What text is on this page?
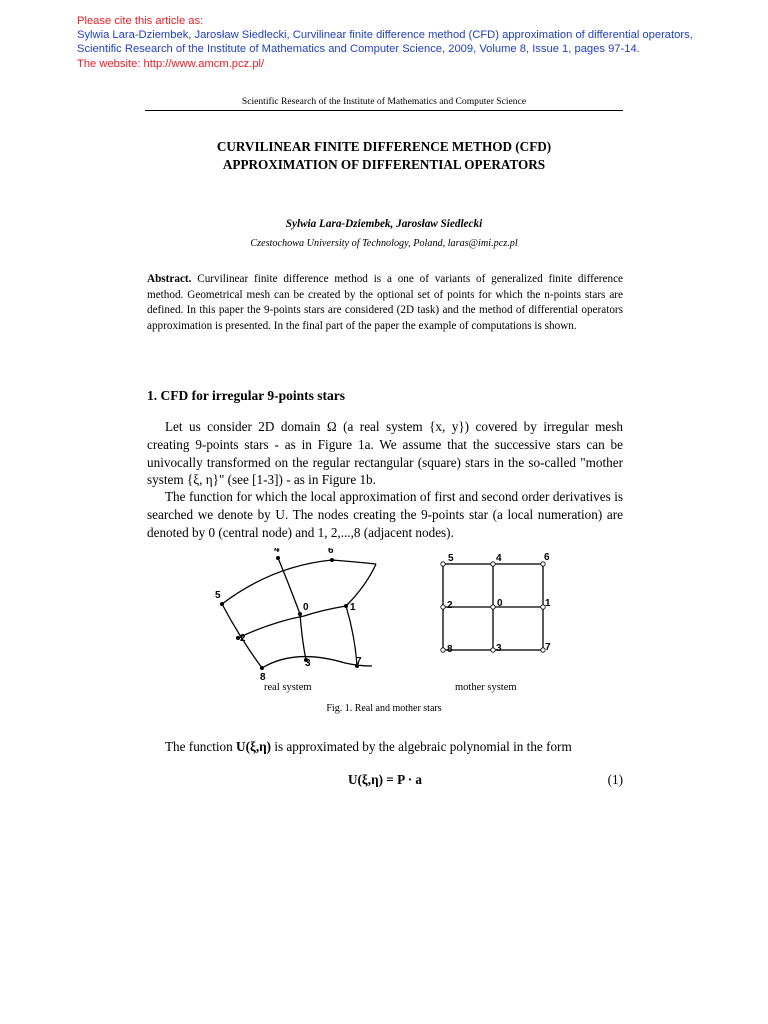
Please cite this article as:
Sylwia Lara-Dziembek, Jarosław Siedlecki, Curvilinear finite difference method (CFD) approximation of differential operators, Scientific Research of the Institute of Mathematics and Computer Science, 2009, Volume 8, Issue 1, pages 97-14.
The website: http://www.amcm.pcz.pl/
Scientific Research of the Institute of Mathematics and Computer Science
CURVILINEAR FINITE DIFFERENCE METHOD (CFD)
APPROXIMATION OF DIFFERENTIAL OPERATORS
Sylwia Lara-Dziembek, Jarosław Siedlecki
Czestochowa University of Technology, Poland, laras@imi.pcz.pl
Abstract. Curvilinear finite difference method is a one of variants of generalized finite difference method. Geometrical mesh can be created by the optional set of points for which the n-points stars are defined. In this paper the 9-points stars are considered (2D task) and the method of differential operators approximation is presented. In the final part of the paper the example of computations is shown.
1. CFD for irregular 9-points stars

Let us consider 2D domain Ω (a real system {x, y}) covered by irregular mesh creating 9-points stars - as in Figure 1a. We assume that the successive stars can be univocally transformed on the regular rectangular (square) stars in the so-called "mother system {ξ, η}" (see [1-3]) - as in Figure 1b.

The function for which the local approximation of first and second order derivatives is searched we denote by U. The nodes creating the 9-points star (a local numeration) are denoted by 0 (central node) and 1, 2,...,8 (adjacent nodes).

4	6
5
0	1
2
3	7
8
5	4	6
2	0	1
8	3	7
real system	mother system
Fig. 1. Real and mother stars
The function U(ξ,η) is approximated by the algebraic polynomial in the form
U(ξ,η) = P · a	(1)
